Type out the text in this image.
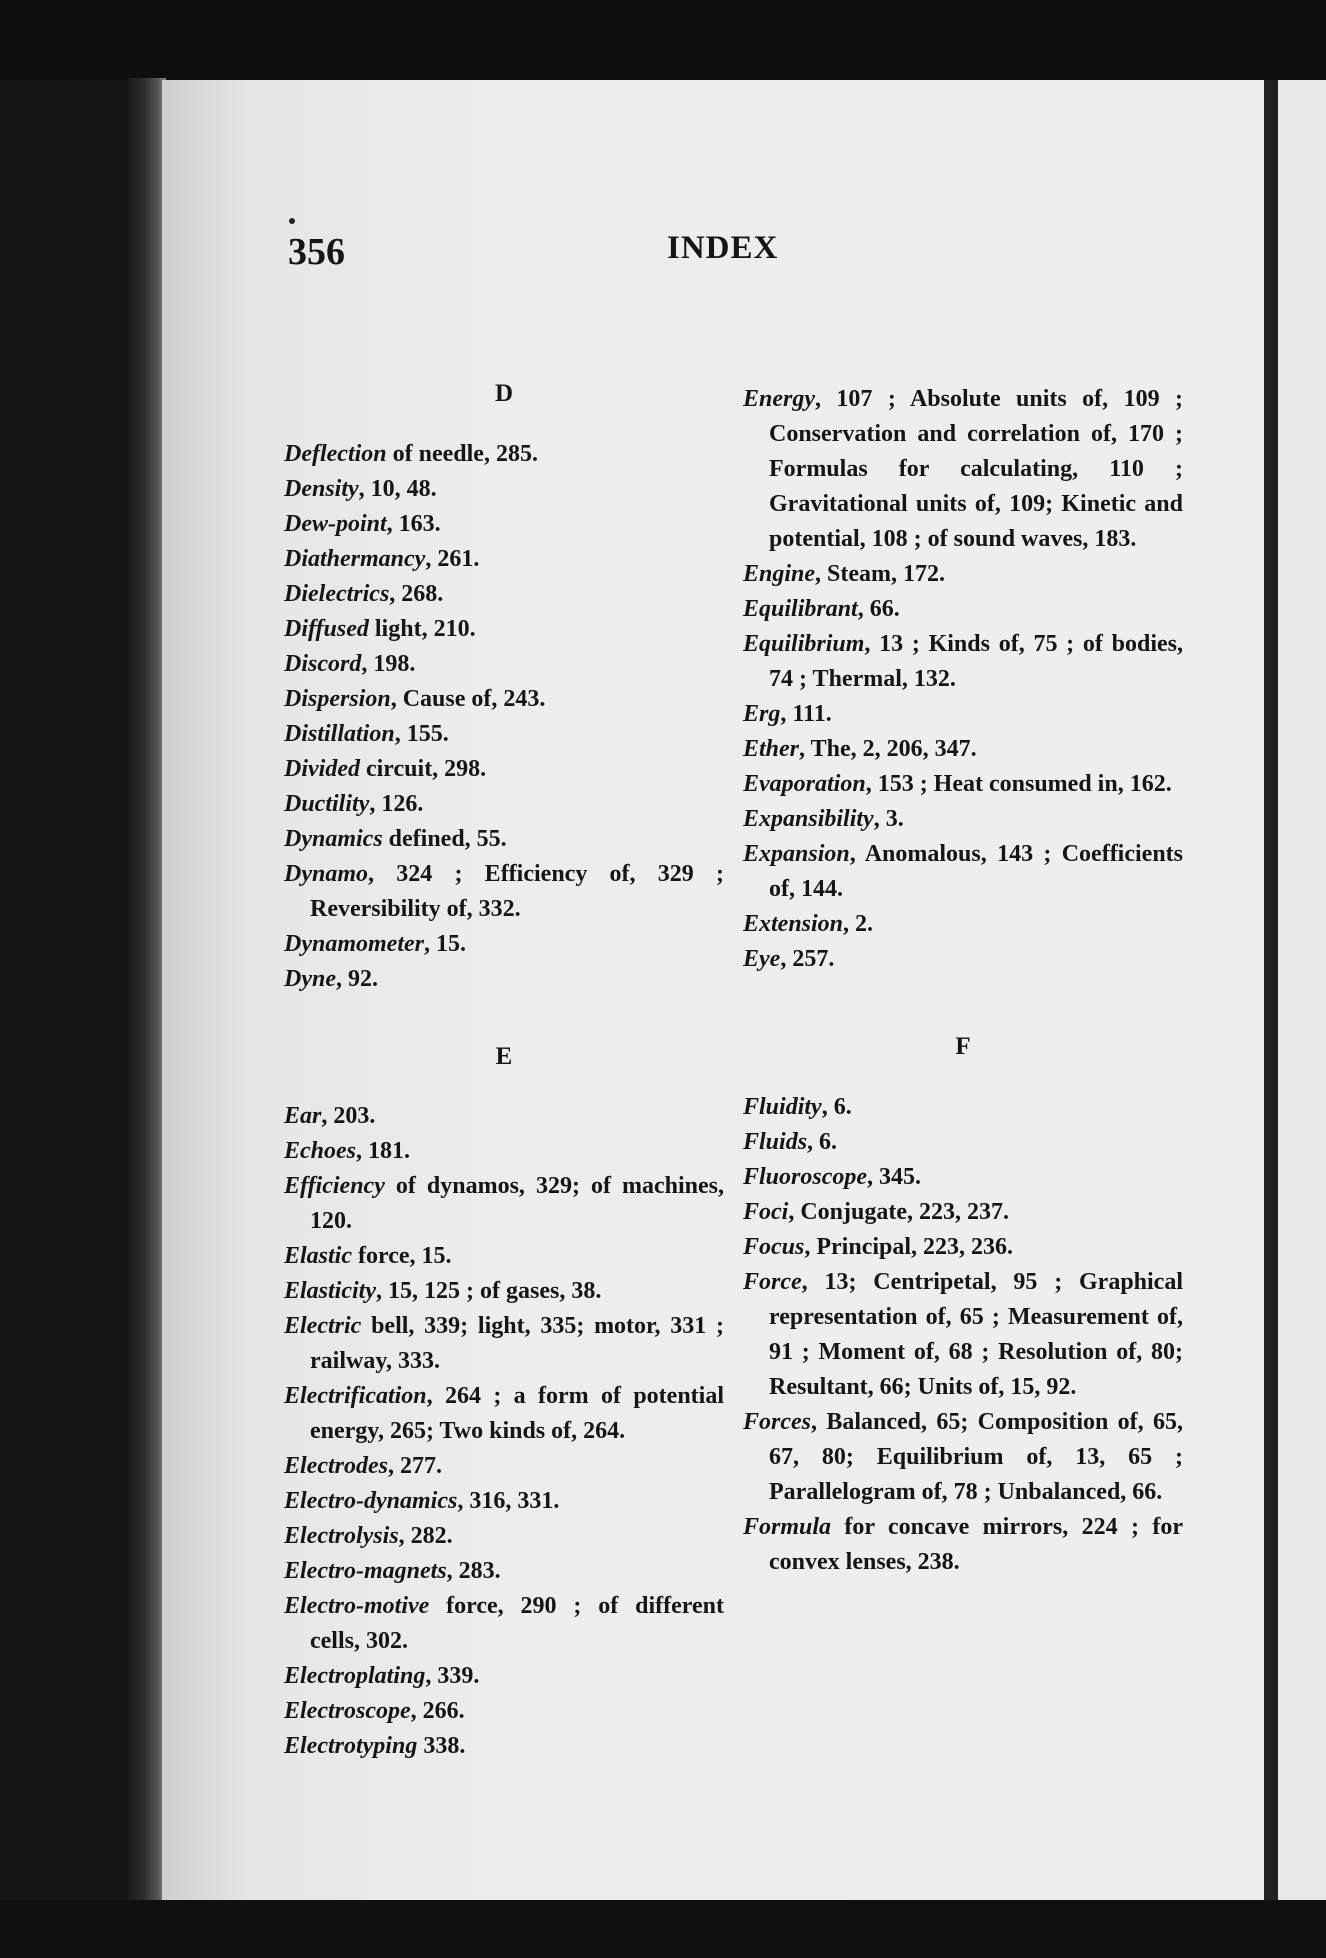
356	INDEX
D
Deflection of needle, 285.
Density, 10, 48.
Dew-point, 163.
Diathermancy, 261.
Dielectrics, 268.
Diffused light, 210.
Discord, 198.
Dispersion, Cause of, 243.
Distillation, 155.
Divided circuit, 298.
Ductility, 126.
Dynamics defined, 55.
Dynamo, 324 ; Efficiency of, 329 ; Reversibility of, 332.
Dynamometer, 15.
Dyne, 92.
E
Ear, 203.
Echoes, 181.
Efficiency of dynamos, 329; of machines, 120.
Elastic force, 15.
Elasticity, 15, 125 ; of gases, 38.
Electric bell, 339; light, 335; motor, 331 ; railway, 333.
Electrification, 264 ; a form of potential energy, 265; Two kinds of, 264.
Electrodes, 277.
Electro-dynamics, 316, 331.
Electrolysis, 282.
Electro-magnets, 283.
Electro-motive force, 290 ; of different cells, 302.
Electroplating, 339.
Electroscope, 266.
Electrotyping 338.
Energy, 107 ; Absolute units of, 109 ; Conservation and correlation of, 170 ; Formulas for calculating, 110 ; Gravitational units of, 109; Kinetic and potential, 108 ; of sound waves, 183.
Engine, Steam, 172.
Equilibrant, 66.
Equilibrium, 13 ; Kinds of, 75 ; of bodies, 74 ; Thermal, 132.
Erg, 111.
Ether, The, 2, 206, 347.
Evaporation, 153 ; Heat consumed in, 162.
Expansibility, 3.
Expansion, Anomalous, 143 ; Coefficients of, 144.
Extension, 2.
Eye, 257.
F
Fluidity, 6.
Fluids, 6.
Fluoroscope, 345.
Foci, Conjugate, 223, 237.
Focus, Principal, 223, 236.
Force, 13; Centripetal, 95 ; Graphical representation of, 65 ; Measurement of, 91 ; Moment of, 68 ; Resolution of, 80; Resultant, 66; Units of, 15, 92.
Forces, Balanced, 65; Composition of, 65, 67, 80; Equilibrium of, 13, 65 ; Parallelogram of, 78 ; Unbalanced, 66.
Formula for concave mirrors, 224 ; for convex lenses, 238.
